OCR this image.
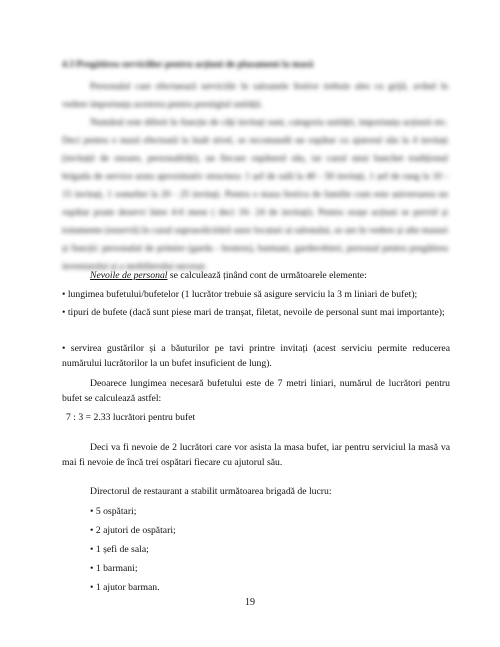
4.3 Pregătirea serviciilor pentru acțiuni de plasament la masă

Personalul care efectuează serviciile în saloanele festive trebuie ales cu grijă, având în vedere importanța acestora pentru prestigiul unității.

Numărul este diferit în funcție de câți invitați sunt, categoria unității, importanța acțiunii etc. Deci pentru o masă efectuată la înalt nivel, se recomandă un ospătar cu ajutorul său la 4 invitați (invitații de onoare, personalități), un fiecare ospătarul său, iar cazul unui banchet tradițional brigada de service arata aproximativ structura: 1 șef de sală la 40 - 50 invitați, 1 șef de rang la 10 - 15 invitați, 1 somelier la 20 - 25 invitați. Pentru o masa festiva de familie cum este aniversarea un ospătar poate deservi între 4-6 mese ( deci 16- 24 de invitați). Pentru orașe acțiuni se previd și tratamente (rezervă) în cazul suprasolicitării unor locatari ai salonului, se are în vedere și alte masuri și funcții: personalul de primire (garda - hostess), barmani, garderobieri, personal pentru pregătirea inventarului și a mobilierului necesar.

Nevoile de personal se calculează ținând cont de următoarele elemente:
• lungimea bufetului/bufetelor (1 lucrător trebuie să asigure serviciu la 3 m liniari de bufet);
• tipuri de bufete (dacă sunt piese mari de tranșat, filetat, nevoile de personal sunt mai importante);
• servirea gustărilor și a băuturilor pe tavi printre invitați (acest serviciu permite reducerea numărului lucrătorilor la un bufet insuficient de lung).
Deoarece lungimea necesară bufetului este de 7 metri liniari, numărul de lucrători pentru bufet se calculează astfel:
7 : 3 = 2.33 lucrători pentru bufet
Deci va fi nevoie de 2 lucrători care vor asista la masa bufet, iar pentru serviciul la masă va mai fi nevoie de încă trei ospătari fiecare cu ajutorul său.
Directorul de restaurant a stabilit următoarea brigadă de lucru:
• 5 ospătari;
• 2 ajutori de ospătari;
• 1 șefi de sala;
• 1 barmani;
• 1 ajutor barman.
19
